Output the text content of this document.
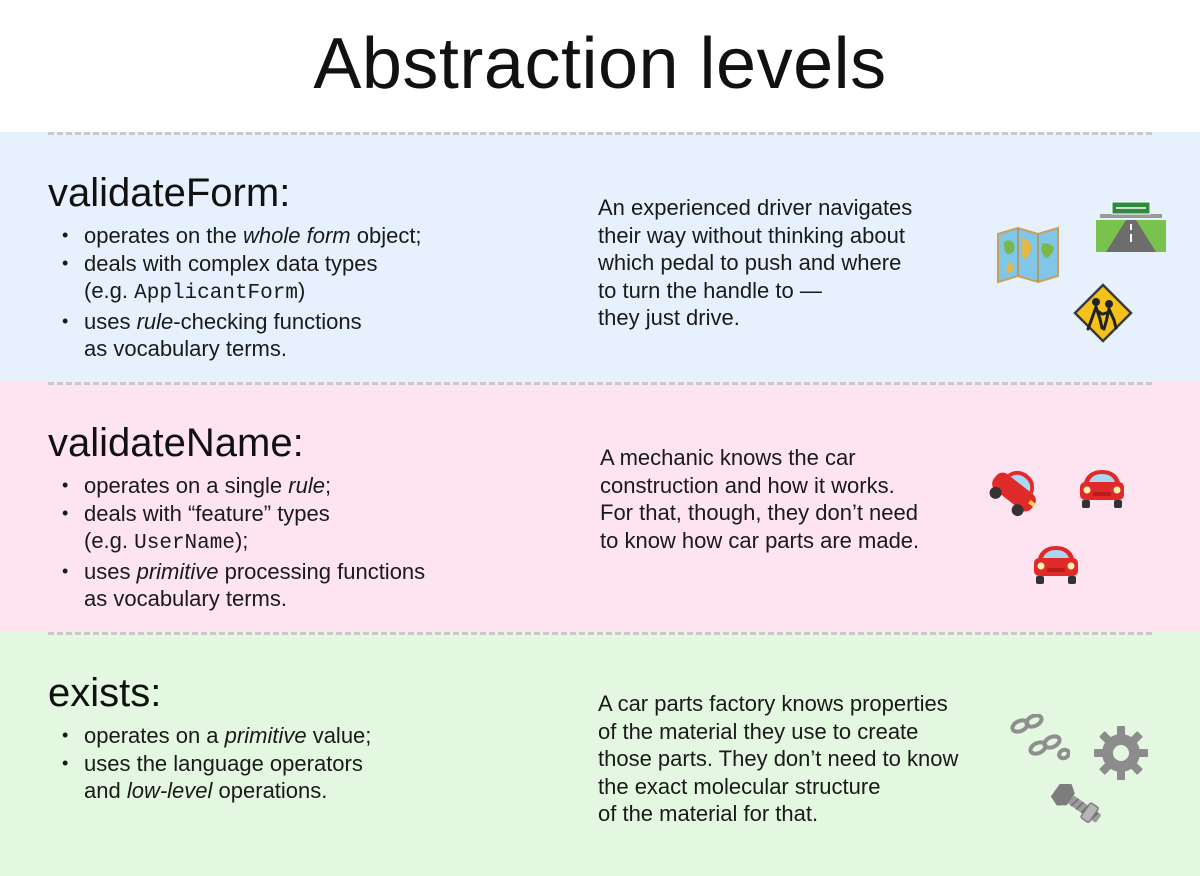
Abstraction levels
validateForm:
• operates on the whole form object;
• deals with complex data types
(e.g. ApplicantForm)
• uses rule-checking functions
as vocabulary terms.

An experienced driver navigates
their way without thinking about
which pedal to push and where
to turn the handle to —
they just drive.

validateName:
• operates on a single rule;
• deals with “feature” types
(e.g. UserName);
• uses primitive processing functions
as vocabulary terms.

A mechanic knows the car
construction and how it works.
For that, though, they don’t need
to know how car parts are made.

exists:
• operates on a primitive value;
• uses the language operators
and low-level operations.

A car parts factory knows properties
of the material they use to create
those parts. They don’t need to know
the exact molecular structure
of the material for that.
